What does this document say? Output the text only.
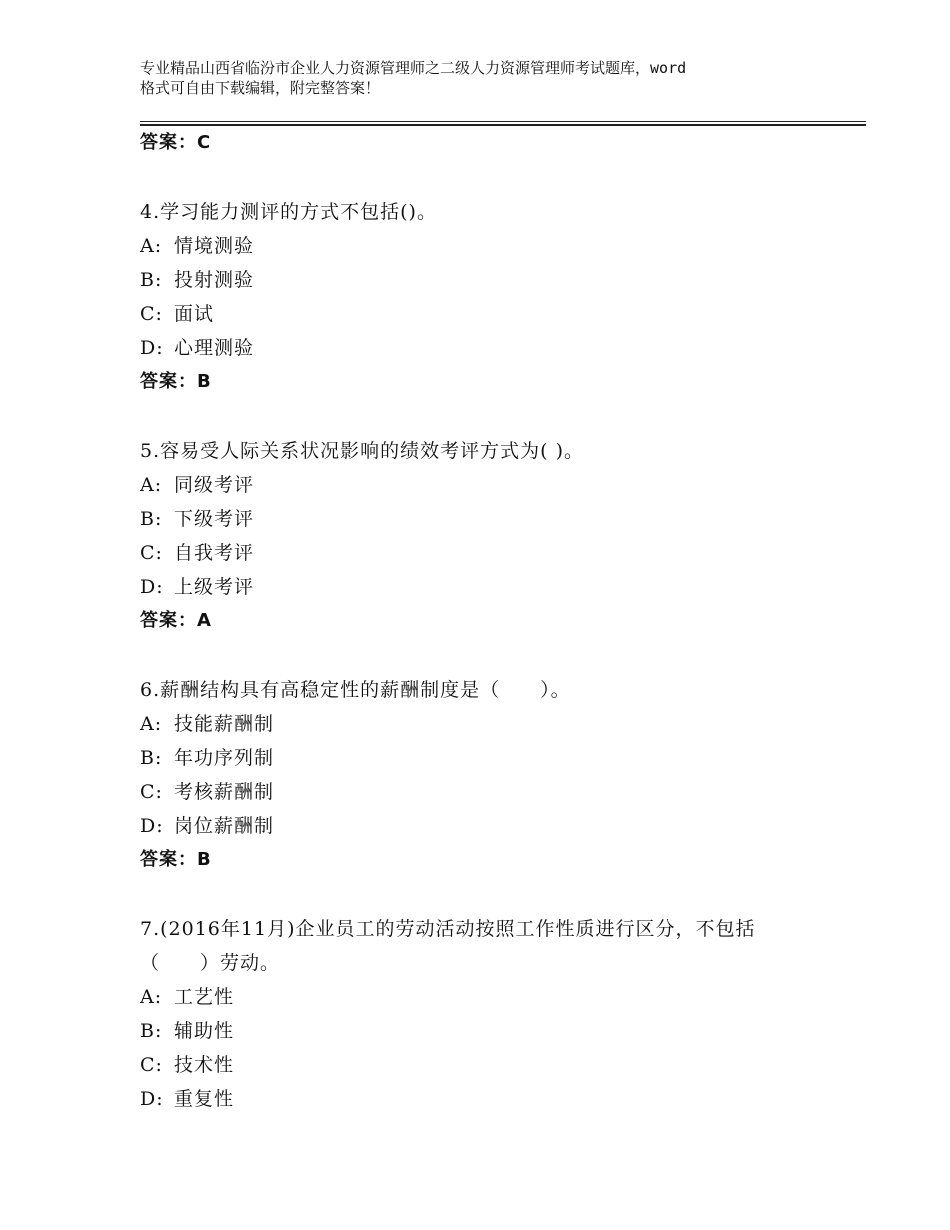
专业精品山西省临汾市企业人力资源管理师之二级人力资源管理师考试题库，word
格式可自由下载编辑，附完整答案！
答案：C
4.学习能力测评的方式不包括()。
A: 情境测验
B: 投射测验
C: 面试
D: 心理测验
答案：B
5.容易受人际关系状况影响的绩效考评方式为( )。
A: 同级考评
B: 下级考评
C: 自我考评
D: 上级考评
答案：A
6.薪酬结构具有高稳定性的薪酬制度是（　　）。
A: 技能薪酬制
B: 年功序列制
C: 考核薪酬制
D: 岗位薪酬制
答案：B
7.(2016年11月)企业员工的劳动活动按照工作性质进行区分，不包括
（　　）劳动。
A: 工艺性
B: 辅助性
C: 技术性
D: 重复性
